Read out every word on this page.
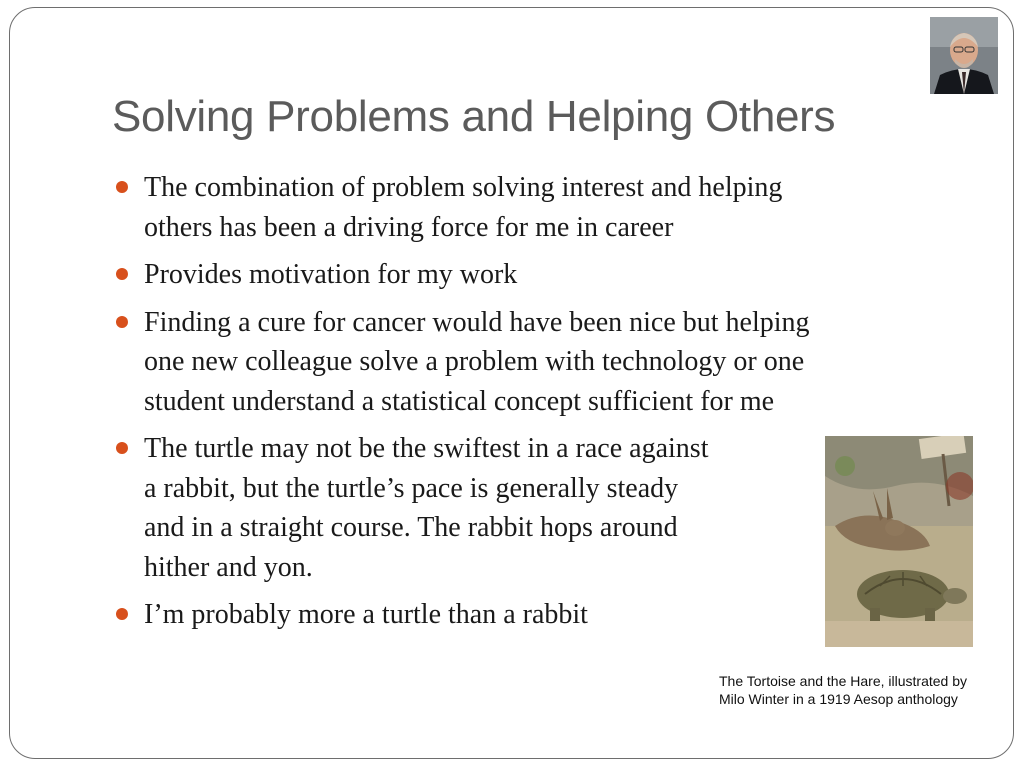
Solving Problems and Helping Others
The combination of problem solving interest and helping
others has been a driving force for me in career
Provides motivation for my work
Finding a cure for cancer would have been nice but helping
one new colleague solve a problem with technology or one
student understand a statistical concept sufficient for me
The turtle may not be the swiftest in a race against
a rabbit, but the turtle’s pace is generally steady
and in a straight course. The rabbit hops around
hither and yon.
I’m probably more a turtle than a rabbit
The Tortoise and the Hare, illustrated by
Milo Winter in a 1919 Aesop anthology
